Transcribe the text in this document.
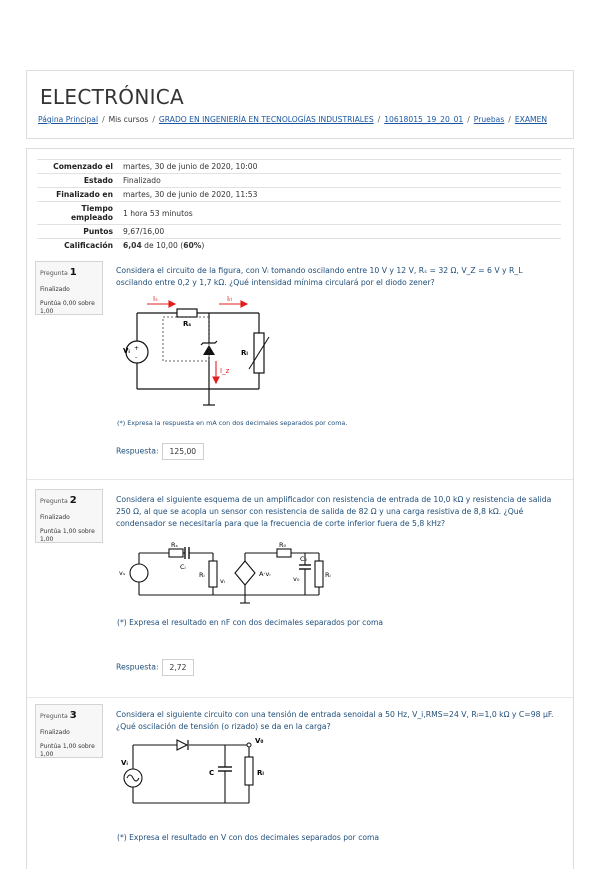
ELECTRÓNICA
Página Principal / Mis cursos / GRADO EN INGENIERÍA EN TECNOLOGÍAS INDUSTRIALES / 10618015_19_20_01 / Pruebas / EXAMEN
Comenzado el	martes, 30 de junio de 2020, 10:00
Estado	Finalizado
Finalizado en	martes, 30 de junio de 2020, 11:53
Tiempo empleado	1 hora 53 minutos
Puntos	9,67/16,00
Calificación	6,04 de 10,00 (60%)
Pregunta 1
Finalizado
Puntúa 0,00 sobre 1,00
Considera el circuito de la figura, con Vᵢ tomando oscilando entre 10 V y 12 V, Rₛ = 32 Ω, V_Z = 6 V y R_L oscilando entre 0,2 y 1,7 kΩ. ¿Qué intensidad mínima circulará por el diodo zener?
+
-
Vᵢ
Rₛ
Rₗ
Iₛ	Iᵣₗ
I_z
(*) Expresa la respuesta en mA con dos decimales separados por coma.
Respuesta: 125,00
Pregunta 2
Finalizado
Puntúa 1,00 sobre 1,00
Considera el siguiente esquema de un amplificador con resistencia de entrada de 10,0 kΩ y resistencia de salida 250 Ω, al que se acopla un sensor con resistencia de salida de 82 Ω y una carga resistiva de 8,8 kΩ. ¿Qué condensador se necesitaría para que la frecuencia de corte inferior fuera de 5,8 kHz?
vₛ
Rₛ
Cᵢ
Rᵢ
vᵢ
R₀
A·vᵢ
C₀
v₀	Rₗ
(*) Expresa el resultado en nF con dos decimales separados por coma
Respuesta: 2,72
Pregunta 3
Finalizado
Puntúa 1,00 sobre 1,00
Considera el siguiente circuito con una tensión de entrada senoidal a 50 Hz, V_i,RMS=24 V, Rₗ=1,0 kΩ y C=98 μF. ¿Qué oscilación de tensión (o rizado) se da en la carga?
Vᵢ
V₀
C	Rₗ
(*) Expresa el resultado en V con dos decimales separados por coma
